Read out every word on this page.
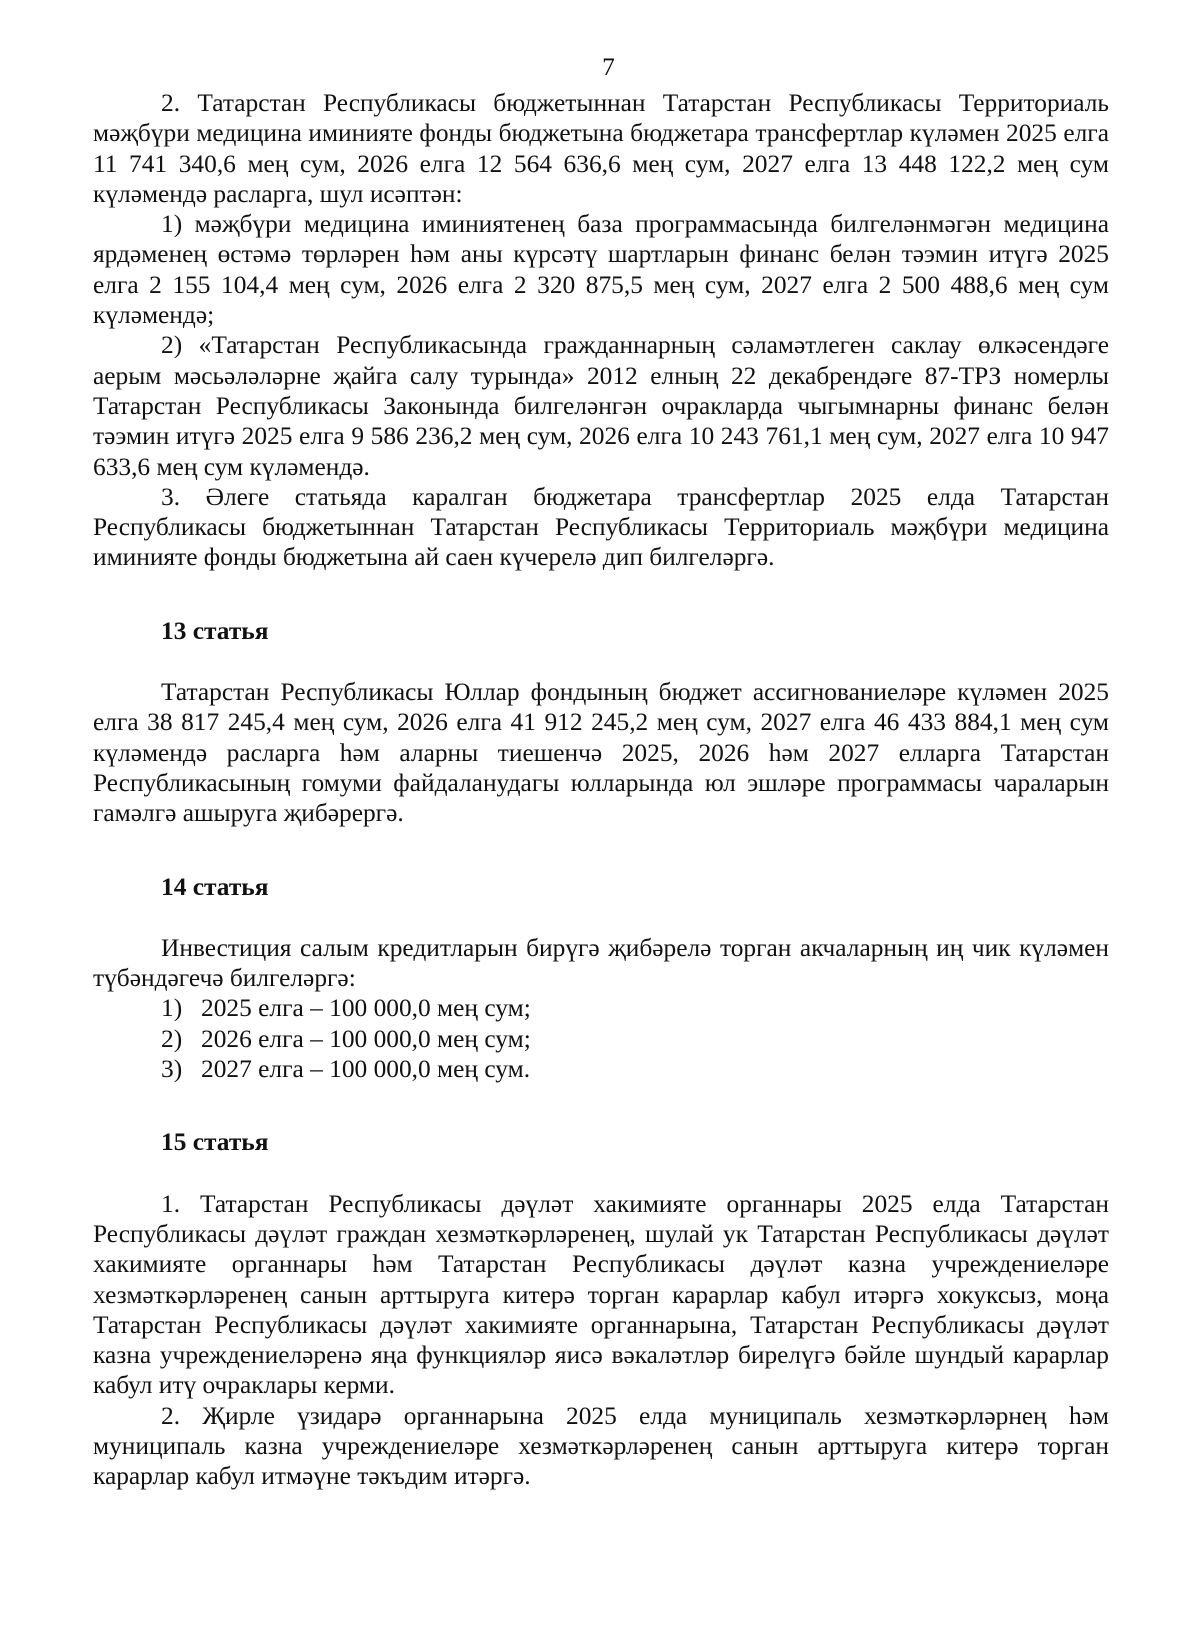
7

2. Татарстан Республикасы бюджетыннан Татарстан Республикасы Территориаль мәҗбүри медицина иминияте фонды бюджетына бюджетара трансфертлар күләмен 2025 елга 11 741 340,6 мең сум, 2026 елга 12 564 636,6 мең сум, 2027 елга 13 448 122,2 мең сум күләмендә расларга, шул исәптән:

1) мәҗбүри медицина иминиятенең база программасында билгеләнмәгән медицина ярдәменең өстәмә төрләрен һәм аны күрсәтү шартларын финанс белән тәэмин итүгә 2025 елга 2 155 104,4 мең сум, 2026 елга 2 320 875,5 мең сум, 2027 елга 2 500 488,6 мең сум күләмендә;

2) «Татарстан Республикасында гражданнарның сәламәтлеген саклау өлкәсендәге аерым мәсьәләләрне җайга салу турында» 2012 елның 22 декабрендәге 87-ТРЗ номерлы Татарстан Республикасы Законында билгеләнгән очракларда чыгымнарны финанс белән тәэмин итүгә 2025 елга 9 586 236,2 мең сум, 2026 елга 10 243 761,1 мең сум, 2027 елга 10 947 633,6 мең сум күләмендә.

3. Әлеге статьяда каралган бюджетара трансфертлар 2025 елда Татарстан Республикасы бюджетыннан Татарстан Республикасы Территориаль мәҗбүри медицина иминияте фонды бюджетына ай саен күчерелә дип билгеләргә.

13 статья

Татарстан Республикасы Юллар фондының бюджет ассигнованиеләре күләмен 2025 елга 38 817 245,4 мең сум, 2026 елга 41 912 245,2 мең сум, 2027 елга 46 433 884,1 мең сум күләмендә расларга һәм аларны тиешенчә 2025, 2026 һәм 2027 елларга Татарстан Республикасының гомуми файдаланудагы юлларында юл эшләре программасы чараларын гамәлгә ашыруга җибәрергә.

14 статья

Инвестиция салым кредитларын бирүгә җибәрелә торган акчаларның иң чик күләмен түбәндәгечә билгеләргә:

1) 2025 елга – 100 000,0 мең сум;

2) 2026 елга – 100 000,0 мең сум;

3) 2027 елга – 100 000,0 мең сум.

15 статья

1. Татарстан Республикасы дәүләт хакимияте органнары 2025 елда Татарстан Республикасы дәүләт граждан хезмәткәрләренең, шулай ук Татарстан Республикасы дәүләт хакимияте органнары һәм Татарстан Республикасы дәүләт казна учреждениеләре хезмәткәрләренең санын арттыруга китерә торган карарлар кабул итәргә хокуксыз, моңа Татарстан Республикасы дәүләт хакимияте органнарына, Татарстан Республикасы дәүләт казна учреждениеләренә яңа функцияләр яисә вәкаләтләр бирелүгә бәйле шундый карарлар кабул итү очраклары керми.

2. Җирле үзидарә органнарына 2025 елда муниципаль хезмәткәрләрнең һәм муниципаль казна учреждениеләре хезмәткәрләренең санын арттыруга китерә торган карарлар кабул итмәүне тәкъдим итәргә.
